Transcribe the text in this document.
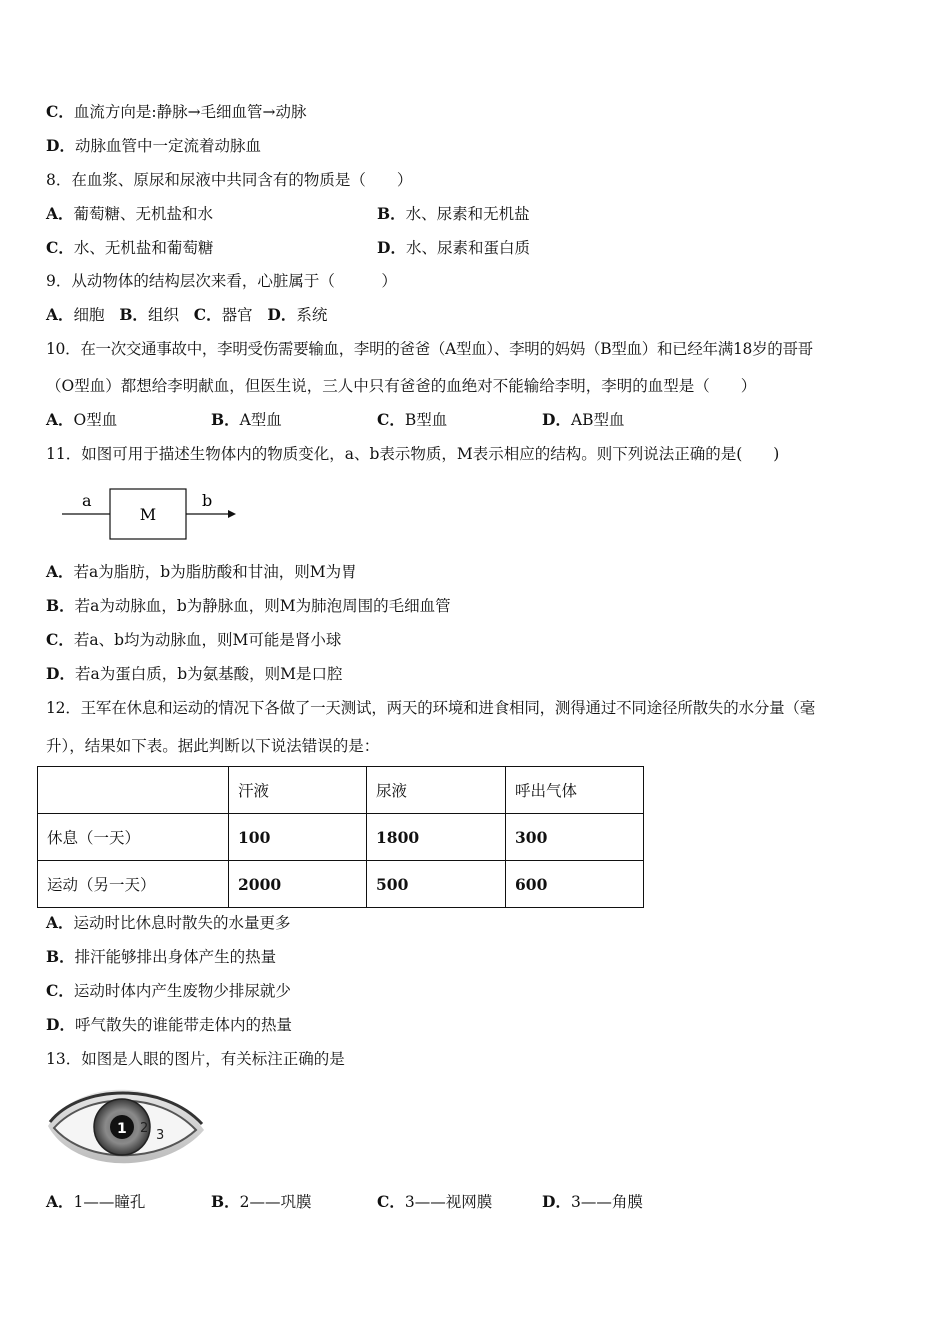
C．血流方向是:静脉→毛细血管→动脉
D．动脉血管中一定流着动脉血
8．在血浆、原尿和尿液中共同含有的物质是（　　）
A．葡萄糖、无机盐和水	B．水、尿素和无机盐
C．水、无机盐和葡萄糖	D．水、尿素和蛋白质
9．从动物体的结构层次来看，心脏属于（　　　）
A．细胞 B．组织 C．器官 D．系统
10．在一次交通事故中，李明受伤需要输血，李明的爸爸（A型血）、李明的妈妈（B型血）和已经年满18岁的哥哥
（O型血）都想给李明献血，但医生说，三人中只有爸爸的血绝对不能输给李明，李明的血型是（　　）
A．O型血	B．A型血	C．B型血	D．AB型血
11．如图可用于描述生物体内的物质变化，a、b表示物质，M表示相应的结构。则下列说法正确的是(　　)
a
M
b
A．若a为脂肪，b为脂肪酸和甘油，则M为胃
B．若a为动脉血，b为静脉血，则M为肺泡周围的毛细血管
C．若a、b均为动脉血，则M可能是肾小球
D．若a为蛋白质，b为氨基酸，则M是口腔
12．王军在休息和运动的情况下各做了一天测试，两天的环境和进食相同，测得通过不同途径所散失的水分量（毫
升），结果如下表。据此判断以下说法错误的是：
	汗液	尿液	呼出气体
休息（一天）	100	1800	300
运动（另一天）	2000	500	600
A．运动时比休息时散失的水量更多
B．排汗能够排出身体产生的热量
C．运动时体内产生废物少排尿就少
D．呼气散失的谁能带走体内的热量
13．如图是人眼的图片，有关标注正确的是
1 2 3
A．1——瞳孔	B．2——巩膜	C．3——视网膜	D．3——角膜
